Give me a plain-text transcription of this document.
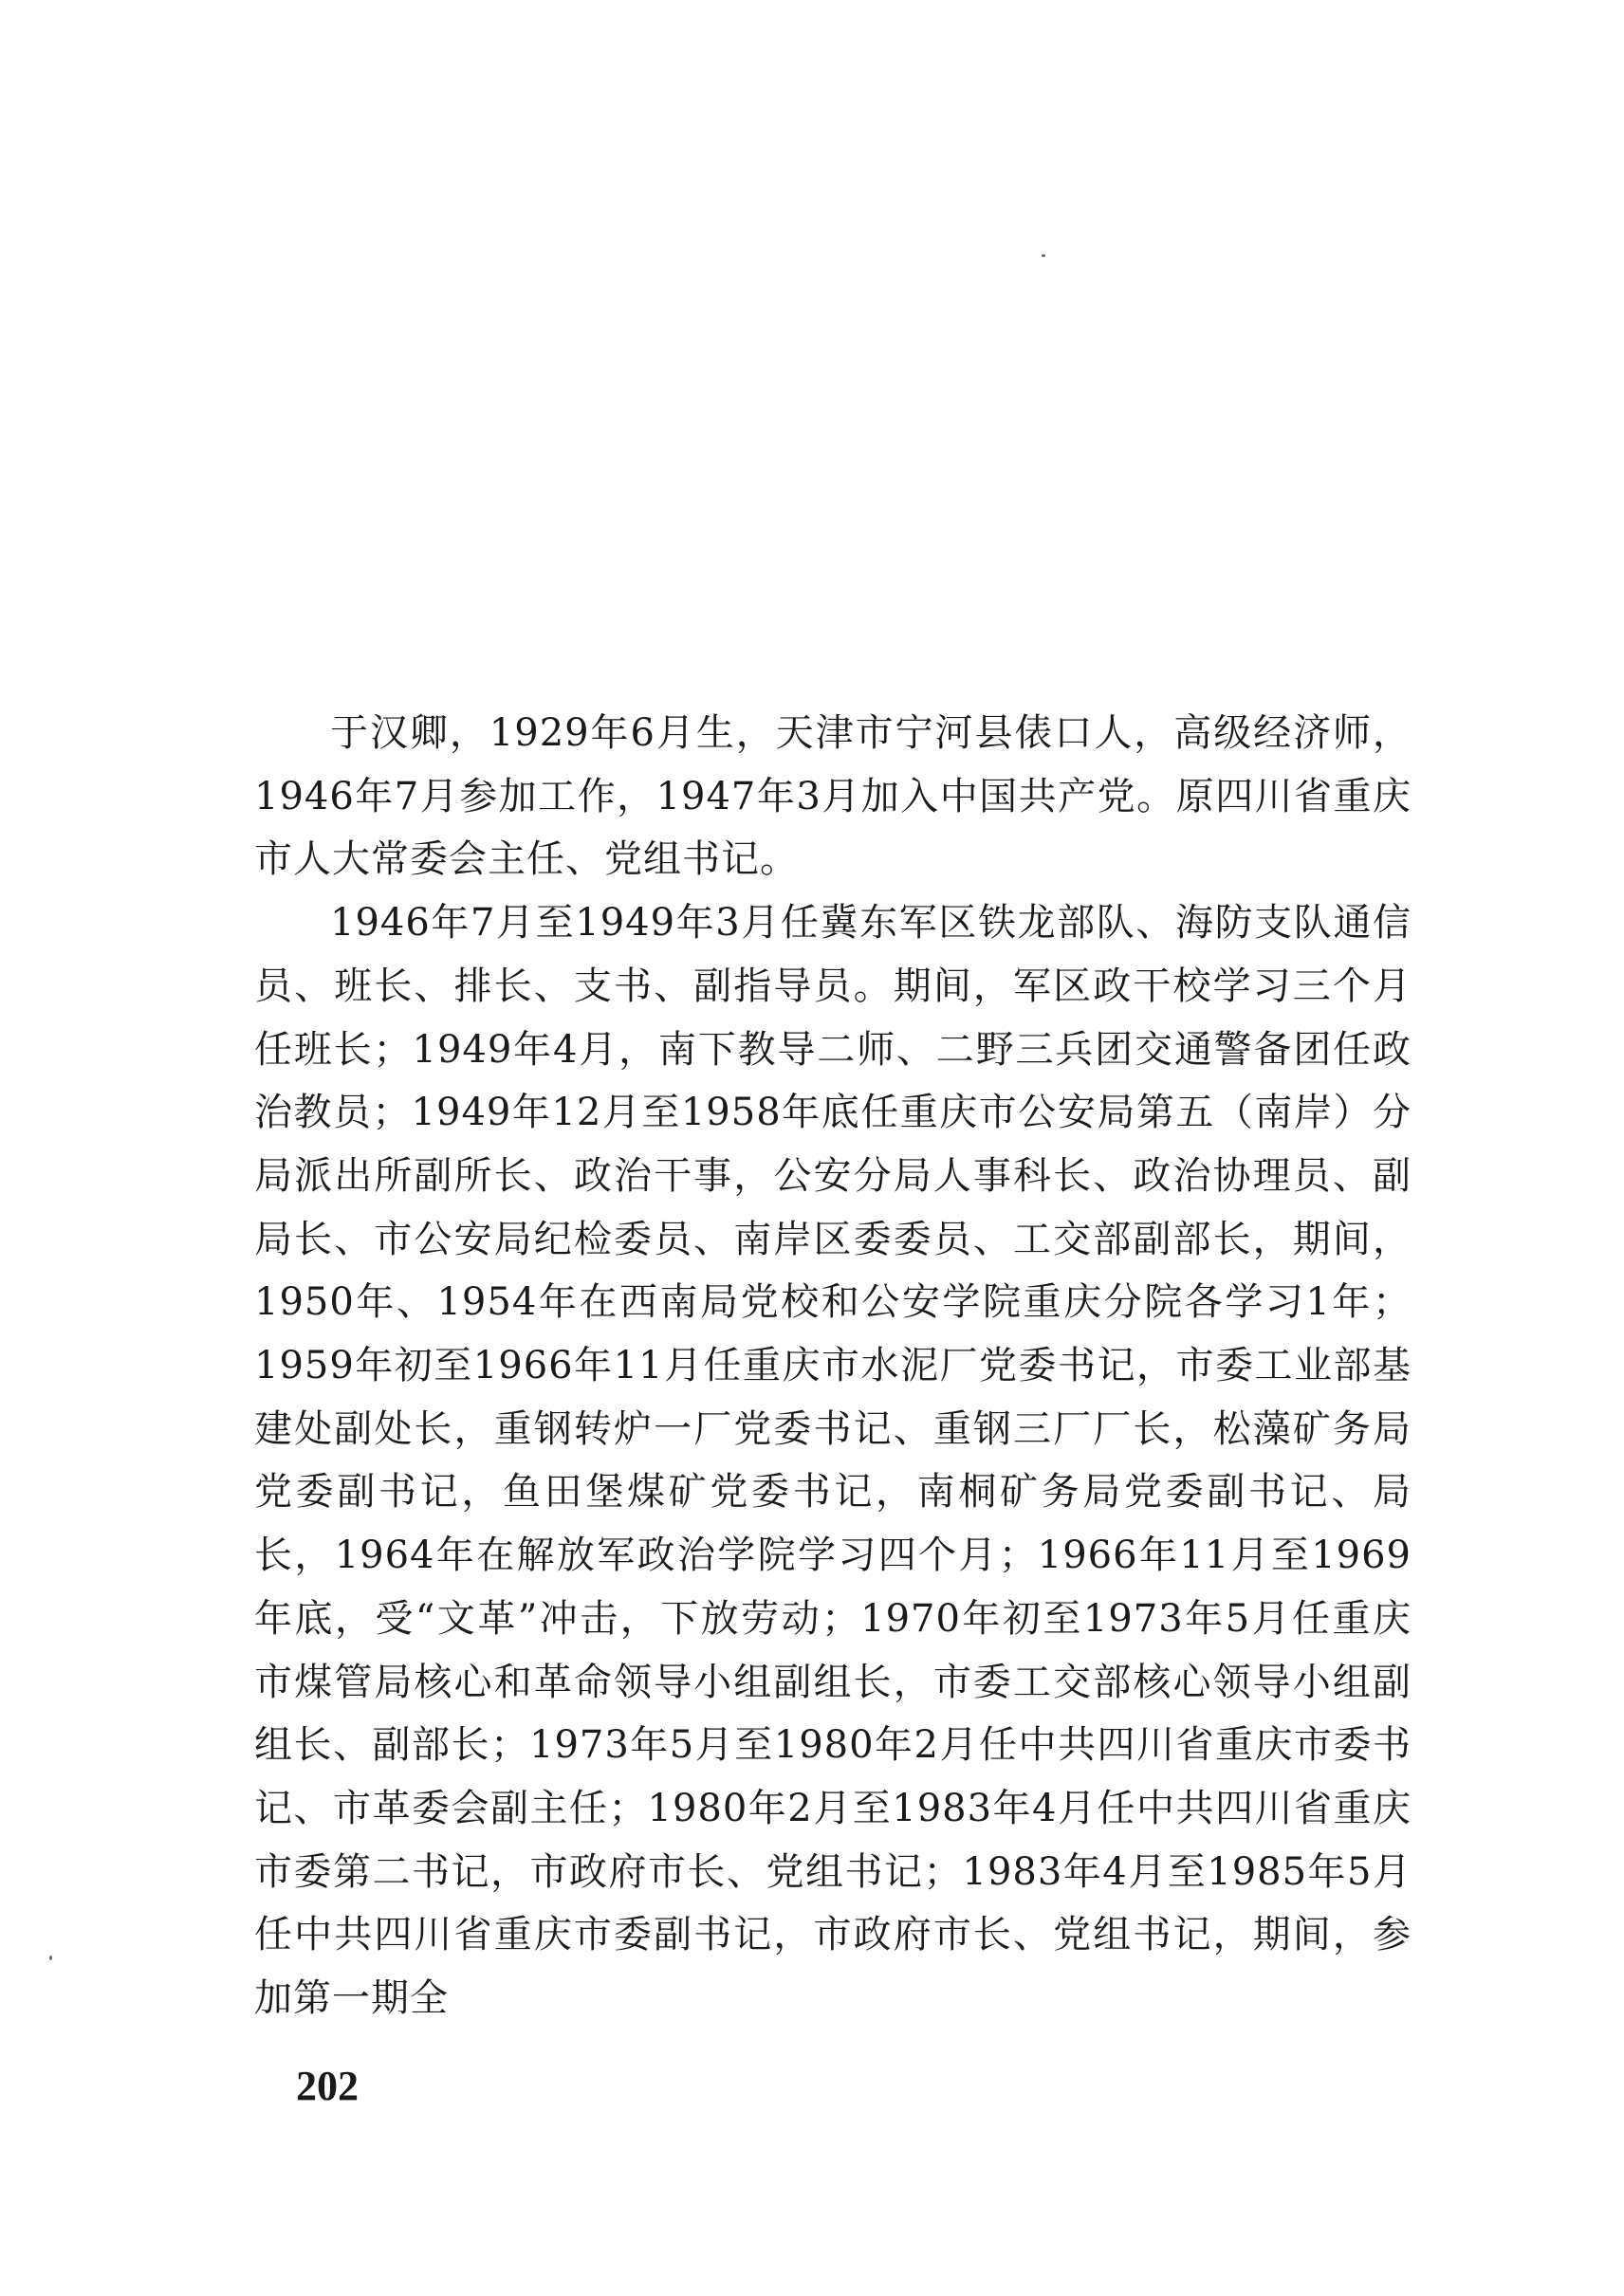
于汉卿，1929年6月生，天津市宁河县俵口人，高级经济师，1946年7月参加工作，1947年3月加入中国共产党。原四川省重庆市人大常委会主任、党组书记。

1946年7月至1949年3月任冀东军区铁龙部队、海防支队通信员、班长、排长、支书、副指导员。期间，军区政干校学习三个月任班长；1949年4月，南下教导二师、二野三兵团交通警备团任政治教员；1949年12月至1958年底任重庆市公安局第五（南岸）分局派出所副所长、政治干事，公安分局人事科长、政治协理员、副局长、市公安局纪检委员、南岸区委委员、工交部副部长，期间，1950年、1954年在西南局党校和公安学院重庆分院各学习1年；1959年初至1966年11月任重庆市水泥厂党委书记，市委工业部基建处副处长，重钢转炉一厂党委书记、重钢三厂厂长，松藻矿务局党委副书记，鱼田堡煤矿党委书记，南桐矿务局党委副书记、局长，1964年在解放军政治学院学习四个月；1966年11月至1969年底，受“文革”冲击，下放劳动；1970年初至1973年5月任重庆市煤管局核心和革命领导小组副组长，市委工交部核心领导小组副组长、副部长；1973年5月至1980年2月任中共四川省重庆市委书记、市革委会副主任；1980年2月至1983年4月任中共四川省重庆市委第二书记，市政府市长、党组书记；1983年4月至1985年5月任中共四川省重庆市委副书记，市政府市长、党组书记，期间，参加第一期全

202
